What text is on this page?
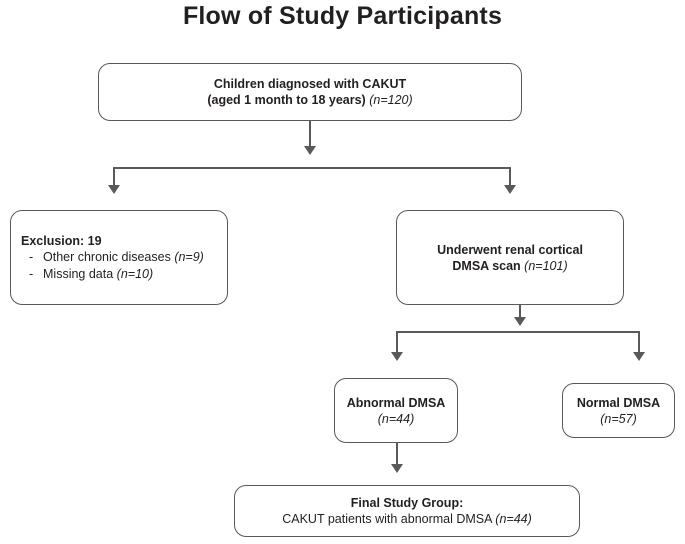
Flow of Study Participants
Children diagnosed with CAKUT
(aged 1 month to 18 years) (n=120)
Exclusion: 19
- Other chronic diseases (n=9)
- Missing data (n=10)
Underwent renal cortical
DMSA scan (n=101)
Abnormal DMSA
(n=44)
Normal DMSA
(n=57)
Final Study Group:
CAKUT patients with abnormal DMSA (n=44)
